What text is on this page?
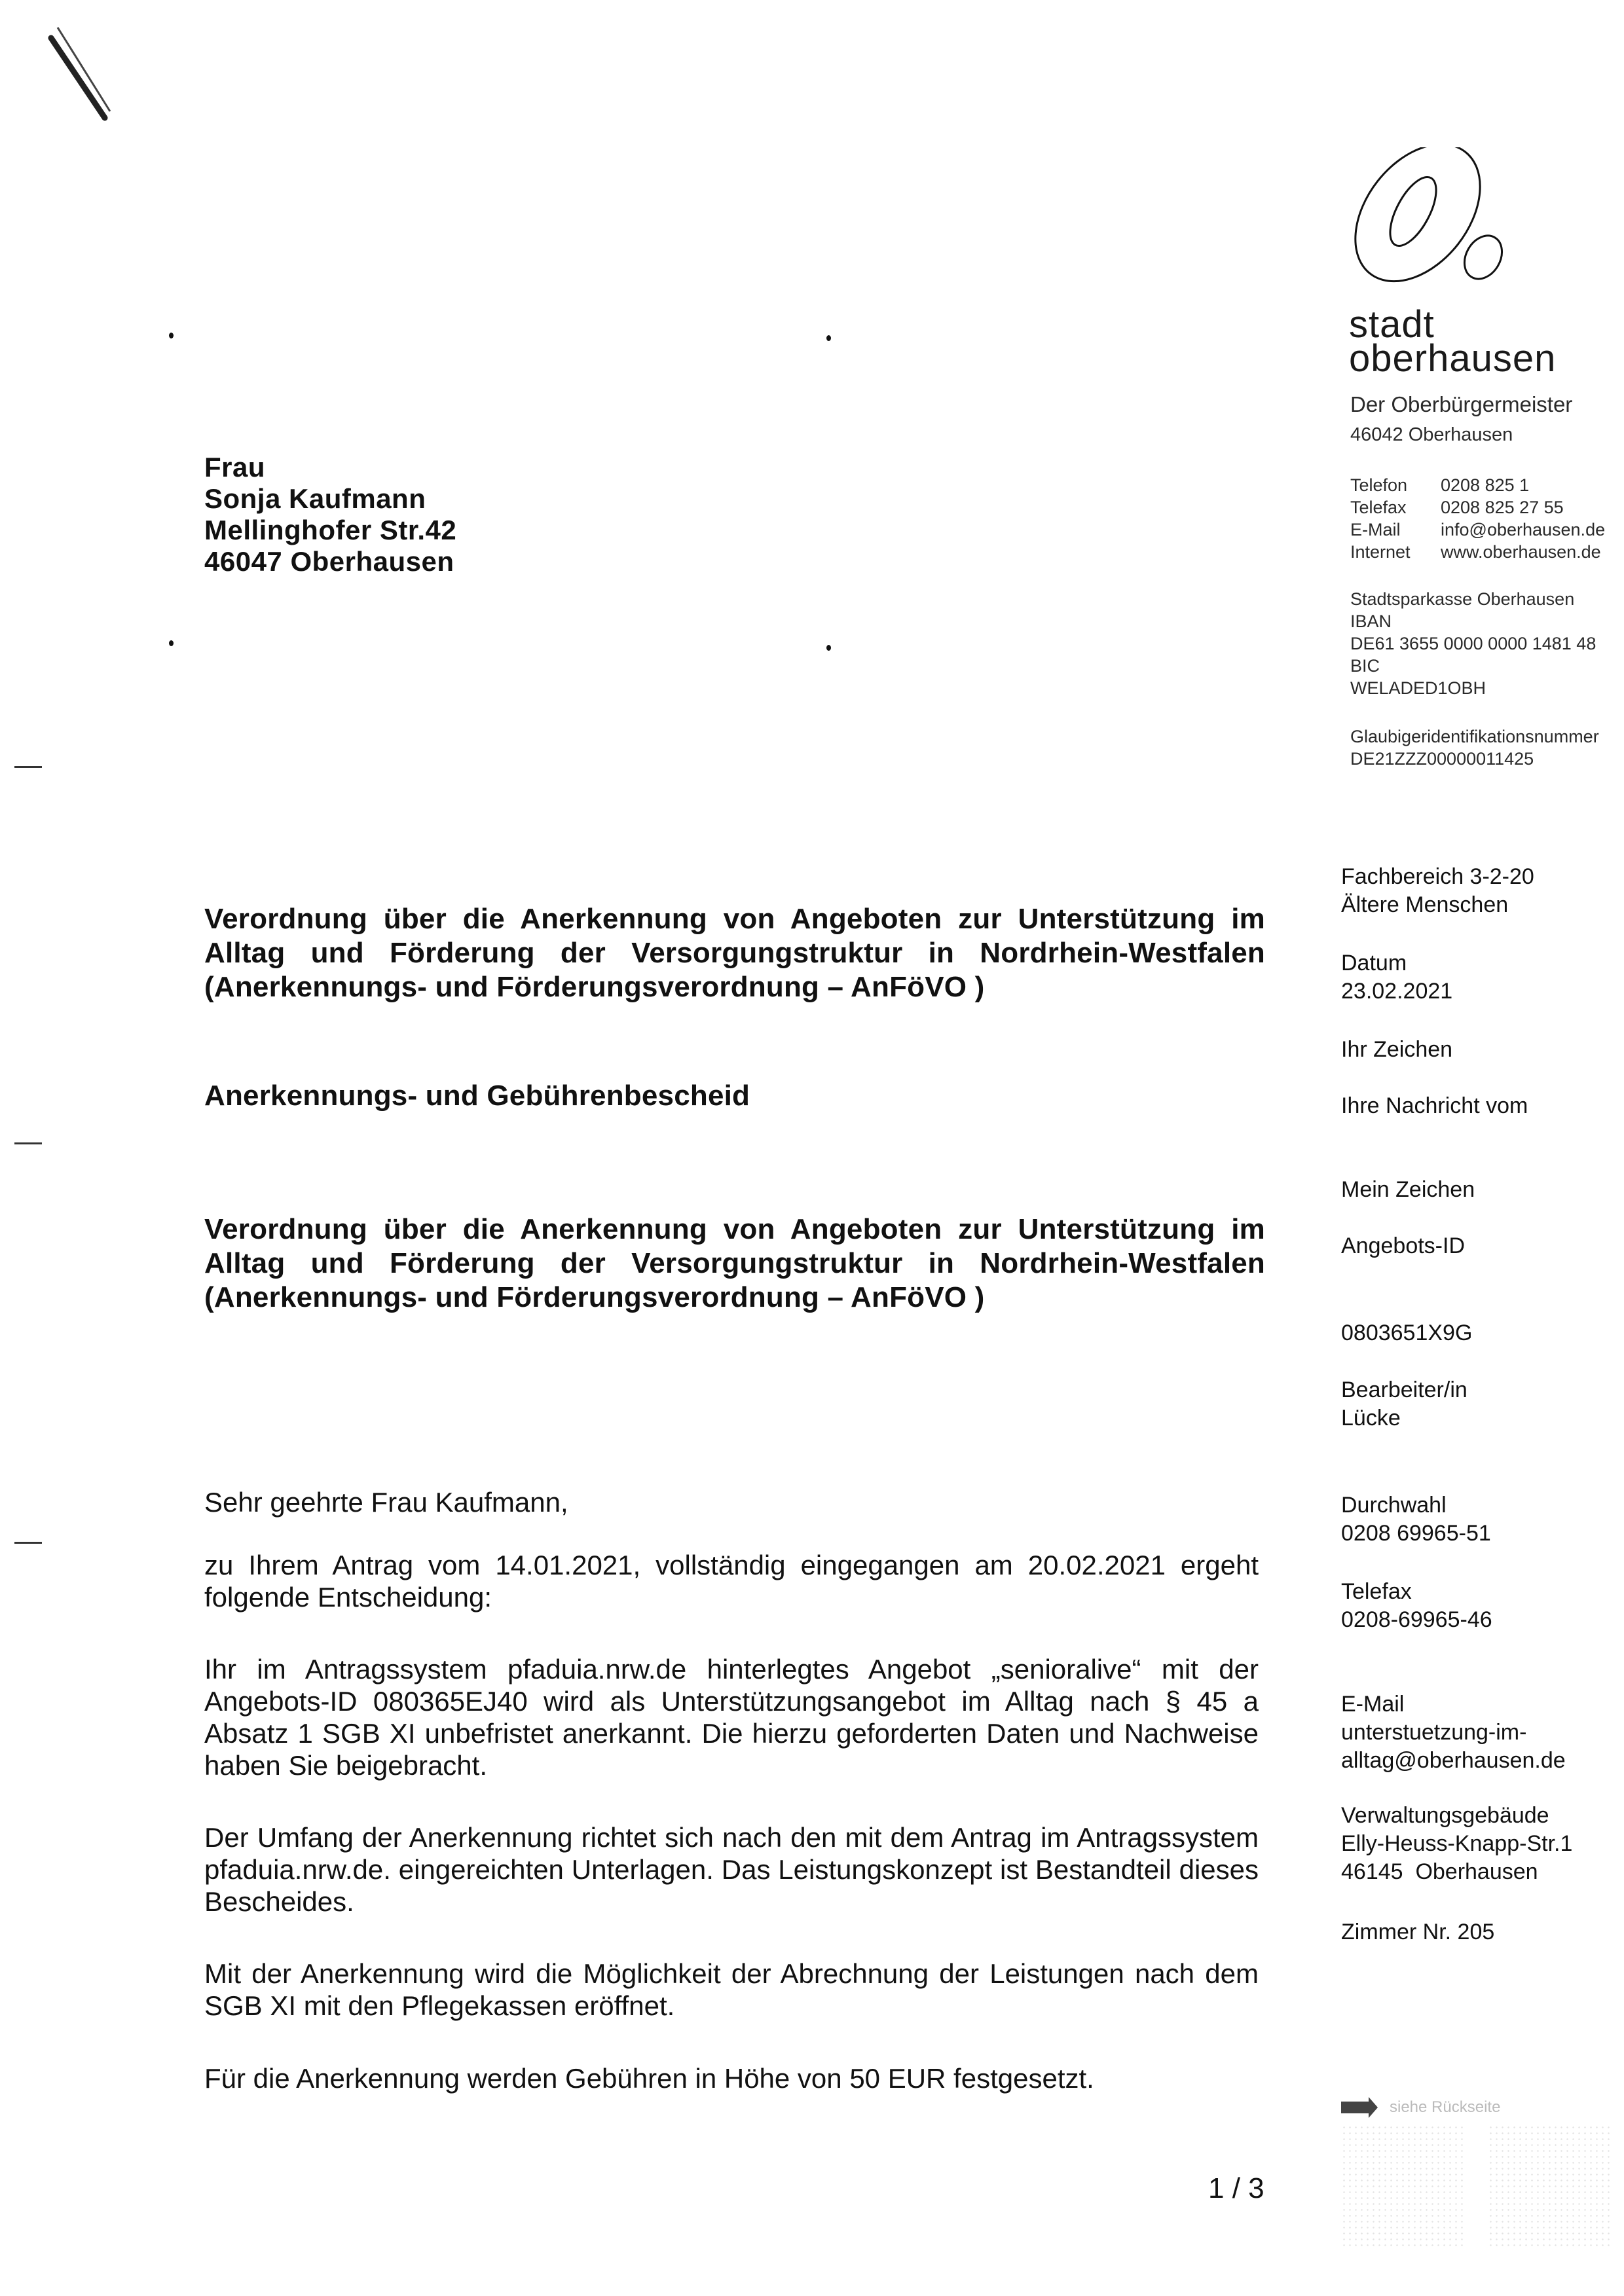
stadt
oberhausen
Der Oberbürgermeister
46042 Oberhausen
Telefon	0208 825 1
Telefax	0208 825 27 55
E-Mail	info@oberhausen.de
Internet	www.oberhausen.de
Stadtsparkasse Oberhausen
IBAN
DE61 3655 0000 0000 1481 48
BIC
WELADED1OBH
Glaubigeridentifikationsnummer
DE21ZZZ00000011425
Frau
Sonja Kaufmann
Mellinghofer Str.42
46047 Oberhausen
Fachbereich 3-2-20
Ältere Menschen
Datum
23.02.2021
Ihr Zeichen
Ihre Nachricht vom
Mein Zeichen
Angebots-ID
0803651X9G
Bearbeiter/in
Lücke
Durchwahl
0208 69965-51
Telefax
0208-69965-46
E-Mail
unterstuetzung-im-
alltag@oberhausen.de
Verwaltungsgebäude
Elly-Heuss-Knapp-Str.1
46145  Oberhausen
Zimmer Nr. 205
siehe Rückseite
Verordnung über die Anerkennung von Angeboten zur Unterstützung im Alltag und Förderung der Versorgungstruktur in Nordrhein-Westfalen (Anerkennungs- und Förderungsverordnung – AnFöVO )
Anerkennungs- und Gebührenbescheid
Verordnung über die Anerkennung von Angeboten zur Unterstützung im Alltag und Förderung der Versorgungstruktur in Nordrhein-Westfalen (Anerkennungs- und Förderungsverordnung – AnFöVO )

Sehr geehrte Frau Kaufmann,

zu Ihrem Antrag vom 14.01.2021, vollständig eingegangen am 20.02.2021 ergeht folgende Entscheidung:

Ihr im Antragssystem pfaduia.nrw.de hinterlegtes Angebot „senioralive“ mit der Angebots-ID 080365EJ40 wird als Unterstützungsangebot im Alltag nach § 45 a Absatz 1 SGB XI unbefristet anerkannt. Die hierzu geforderten Daten und Nachweise haben Sie beigebracht.

Der Umfang der Anerkennung richtet sich nach den mit dem Antrag im Antragssystem pfaduia.nrw.de. eingereichten Unterlagen. Das Leistungskonzept ist Bestandteil dieses Bescheides.

Mit der Anerkennung wird die Möglichkeit der Abrechnung der Leistungen nach dem SGB XI mit den Pflegekassen eröffnet.

Für die Anerkennung werden Gebühren in Höhe von 50 EUR festgesetzt.

1 / 3
